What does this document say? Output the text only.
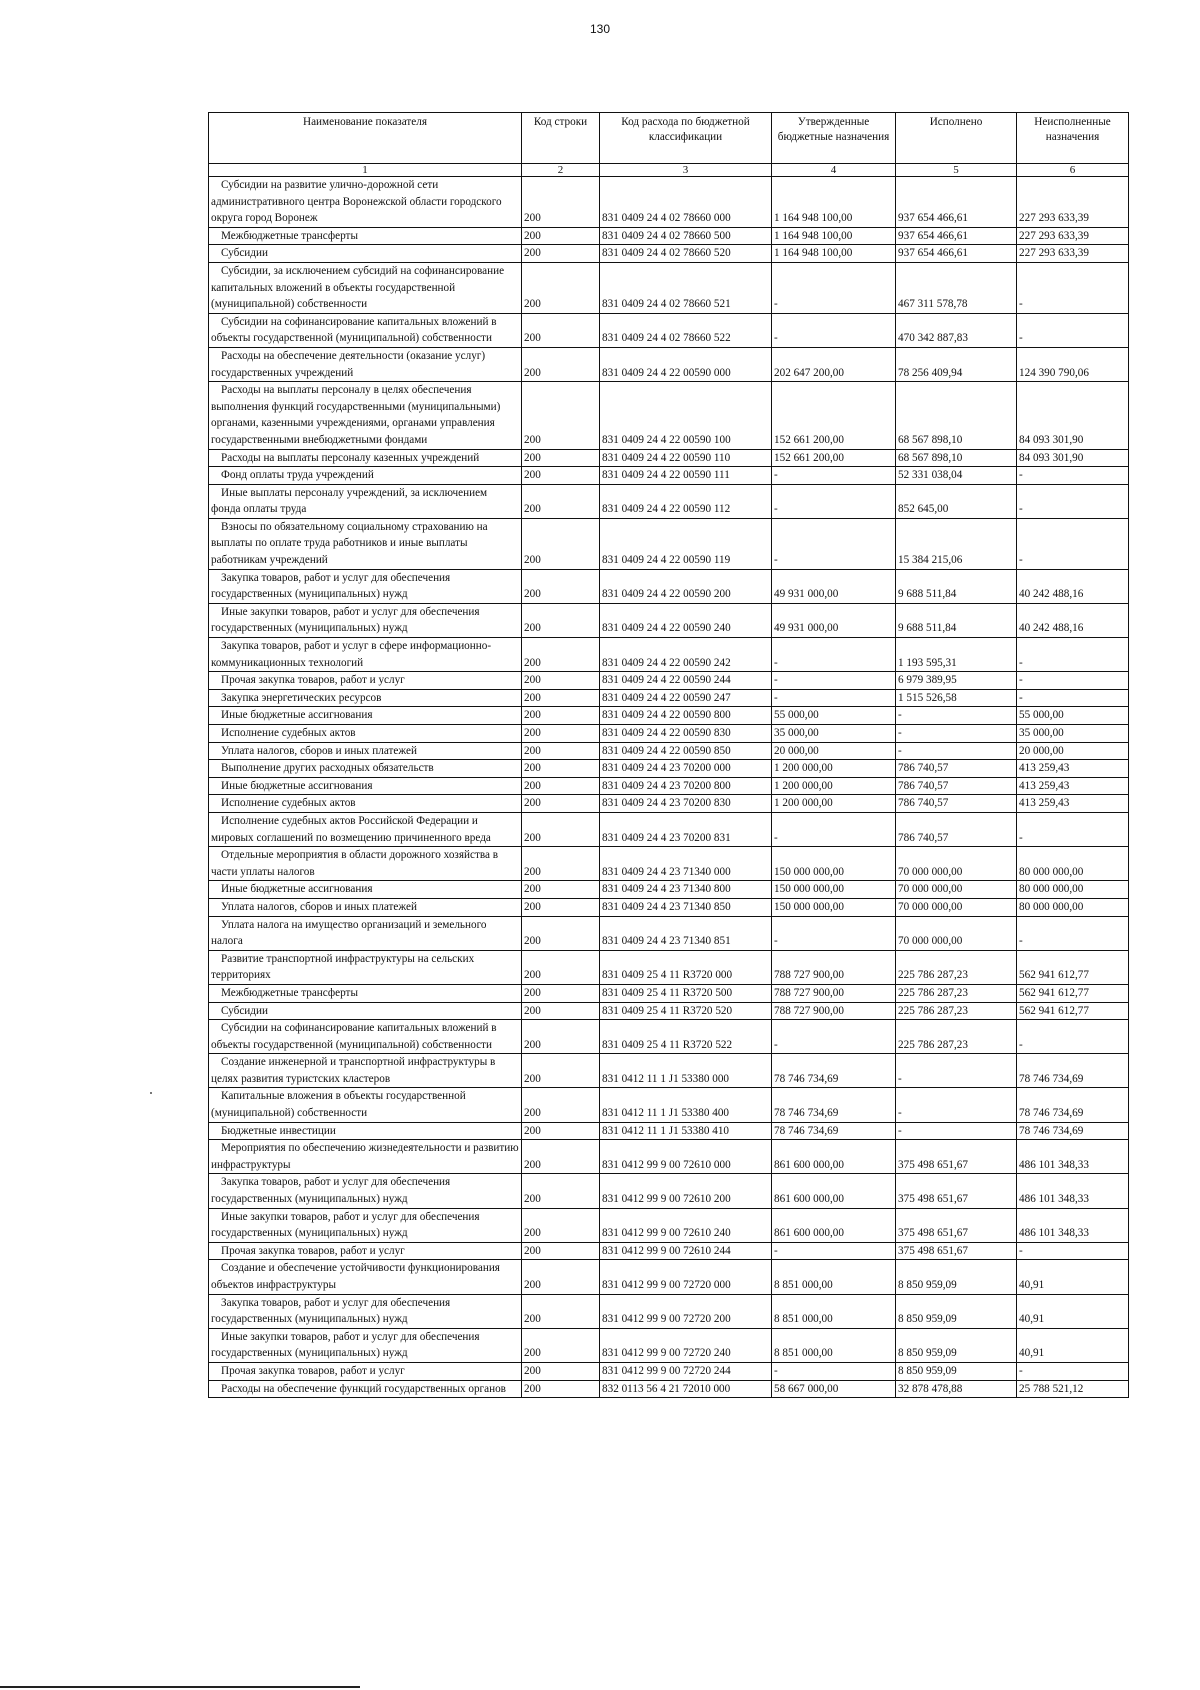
130
Наименование показателя	Код строки	Код расхода по бюджетной классификации	Утвержденные бюджетные назначения	Исполнено	Неисполненные назначения
1	2	3	4	5	6
Субсидии на развитие улично-дорожной сети административного центра Воронежской области городского округа город Воронеж	200	831 0409 24 4 02 78660 000	1 164 948 100,00	937 654 466,61	227 293 633,39
Межбюджетные трансферты	200	831 0409 24 4 02 78660 500	1 164 948 100,00	937 654 466,61	227 293 633,39
Субсидии	200	831 0409 24 4 02 78660 520	1 164 948 100,00	937 654 466,61	227 293 633,39
Субсидии, за исключением субсидий на софинансирование капитальных вложений в объекты государственной (муниципальной) собственности	200	831 0409 24 4 02 78660 521	-	467 311 578,78	-
Субсидии на софинансирование капитальных вложений в объекты государственной (муниципальной) собственности	200	831 0409 24 4 02 78660 522	-	470 342 887,83	-
Расходы на обеспечение деятельности (оказание услуг) государственных учреждений	200	831 0409 24 4 22 00590 000	202 647 200,00	78 256 409,94	124 390 790,06
Расходы на выплаты персоналу в целях обеспечения выполнения функций государственными (муниципальными) органами, казенными учреждениями, органами управления государственными внебюджетными фондами	200	831 0409 24 4 22 00590 100	152 661 200,00	68 567 898,10	84 093 301,90
Расходы на выплаты персоналу казенных учреждений	200	831 0409 24 4 22 00590 110	152 661 200,00	68 567 898,10	84 093 301,90
Фонд оплаты труда учреждений	200	831 0409 24 4 22 00590 111	-	52 331 038,04	-
Иные выплаты персоналу учреждений, за исключением фонда оплаты труда	200	831 0409 24 4 22 00590 112	-	852 645,00	-
Взносы по обязательному социальному страхованию на выплаты по оплате труда работников и иные выплаты работникам учреждений	200	831 0409 24 4 22 00590 119	-	15 384 215,06	-
Закупка товаров, работ и услуг для обеспечения государственных (муниципальных) нужд	200	831 0409 24 4 22 00590 200	49 931 000,00	9 688 511,84	40 242 488,16
Иные закупки товаров, работ и услуг для обеспечения государственных (муниципальных) нужд	200	831 0409 24 4 22 00590 240	49 931 000,00	9 688 511,84	40 242 488,16
Закупка товаров, работ и услуг в сфере информационно-коммуникационных технологий	200	831 0409 24 4 22 00590 242	-	1 193 595,31	-
Прочая закупка товаров, работ и услуг	200	831 0409 24 4 22 00590 244	-	6 979 389,95	-
Закупка энергетических ресурсов	200	831 0409 24 4 22 00590 247	-	1 515 526,58	-
Иные бюджетные ассигнования	200	831 0409 24 4 22 00590 800	55 000,00	-	55 000,00
Исполнение судебных актов	200	831 0409 24 4 22 00590 830	35 000,00	-	35 000,00
Уплата налогов, сборов и иных платежей	200	831 0409 24 4 22 00590 850	20 000,00	-	20 000,00
Выполнение других расходных обязательств	200	831 0409 24 4 23 70200 000	1 200 000,00	786 740,57	413 259,43
Иные бюджетные ассигнования	200	831 0409 24 4 23 70200 800	1 200 000,00	786 740,57	413 259,43
Исполнение судебных актов	200	831 0409 24 4 23 70200 830	1 200 000,00	786 740,57	413 259,43
Исполнение судебных актов Российской Федерации и мировых соглашений по возмещению причиненного вреда	200	831 0409 24 4 23 70200 831	-	786 740,57	-
Отдельные мероприятия в области дорожного хозяйства в части уплаты налогов	200	831 0409 24 4 23 71340 000	150 000 000,00	70 000 000,00	80 000 000,00
Иные бюджетные ассигнования	200	831 0409 24 4 23 71340 800	150 000 000,00	70 000 000,00	80 000 000,00
Уплата налогов, сборов и иных платежей	200	831 0409 24 4 23 71340 850	150 000 000,00	70 000 000,00	80 000 000,00
Уплата налога на имущество организаций и земельного налога	200	831 0409 24 4 23 71340 851	-	70 000 000,00	-
Развитие транспортной инфраструктуры на сельских территориях	200	831 0409 25 4 11 R3720 000	788 727 900,00	225 786 287,23	562 941 612,77
Межбюджетные трансферты	200	831 0409 25 4 11 R3720 500	788 727 900,00	225 786 287,23	562 941 612,77
Субсидии	200	831 0409 25 4 11 R3720 520	788 727 900,00	225 786 287,23	562 941 612,77
Субсидии на софинансирование капитальных вложений в объекты государственной (муниципальной) собственности	200	831 0409 25 4 11 R3720 522	-	225 786 287,23	-
Создание инженерной и транспортной инфраструктуры в целях развития туристских кластеров	200	831 0412 11 1 J1 53380 000	78 746 734,69	-	78 746 734,69
Капитальные вложения в объекты государственной (муниципальной) собственности	200	831 0412 11 1 J1 53380 400	78 746 734,69	-	78 746 734,69
Бюджетные инвестиции	200	831 0412 11 1 J1 53380 410	78 746 734,69	-	78 746 734,69
Мероприятия по обеспечению жизнедеятельности и развитию инфраструктуры	200	831 0412 99 9 00 72610 000	861 600 000,00	375 498 651,67	486 101 348,33
Закупка товаров, работ и услуг для обеспечения государственных (муниципальных) нужд	200	831 0412 99 9 00 72610 200	861 600 000,00	375 498 651,67	486 101 348,33
Иные закупки товаров, работ и услуг для обеспечения государственных (муниципальных) нужд	200	831 0412 99 9 00 72610 240	861 600 000,00	375 498 651,67	486 101 348,33
Прочая закупка товаров, работ и услуг	200	831 0412 99 9 00 72610 244	-	375 498 651,67	-
Создание и обеспечение устойчивости функционирования объектов инфраструктуры	200	831 0412 99 9 00 72720 000	8 851 000,00	8 850 959,09	40,91
Закупка товаров, работ и услуг для обеспечения государственных (муниципальных) нужд	200	831 0412 99 9 00 72720 200	8 851 000,00	8 850 959,09	40,91
Иные закупки товаров, работ и услуг для обеспечения государственных (муниципальных) нужд	200	831 0412 99 9 00 72720 240	8 851 000,00	8 850 959,09	40,91
Прочая закупка товаров, работ и услуг	200	831 0412 99 9 00 72720 244	-	8 850 959,09	-
Расходы на обеспечение функций государственных органов	200	832 0113 56 4 21 72010 000	58 667 000,00	32 878 478,88	25 788 521,12
